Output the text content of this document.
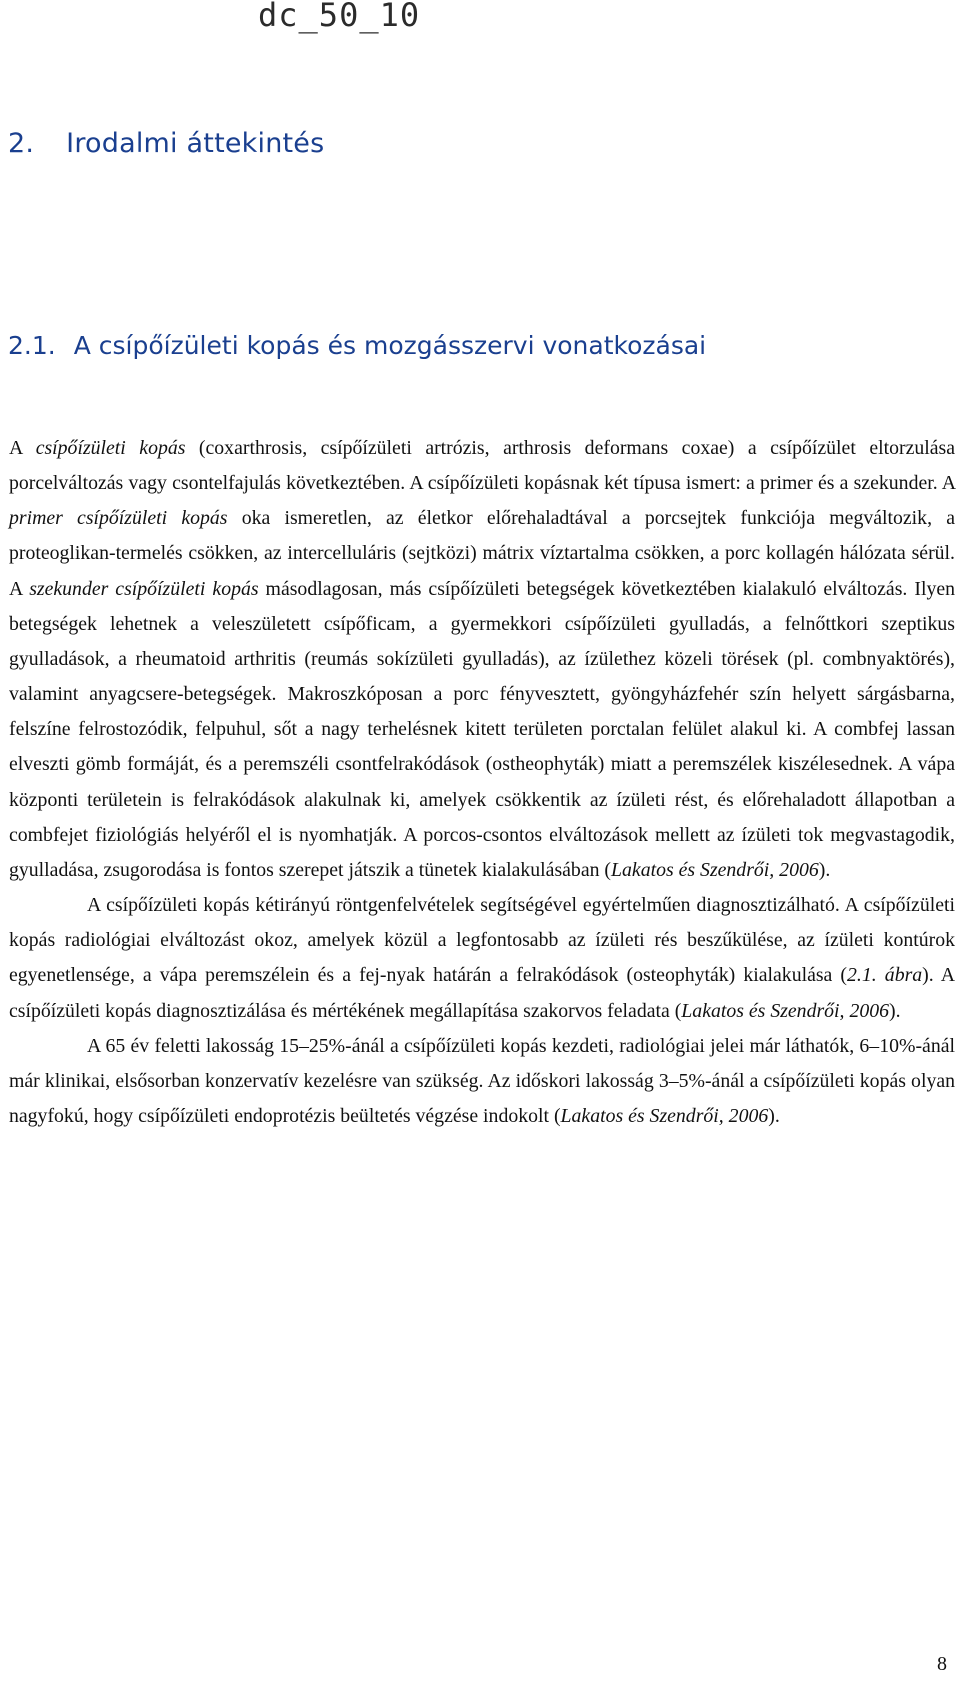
dc_50_10
2. Irodalmi áttekintés
2.1. A csípőízületi kopás és mozgásszervi vonatkozásai

A csípőízületi kopás (coxarthrosis, csípőízületi artrózis, arthrosis deformans coxae) a csípőízület eltorzulása porcelváltozás vagy csontelfajulás következtében. A csípőízületi kopásnak két típusa ismert: a primer és a szekunder. A primer csípőízületi kopás oka ismeretlen, az életkor előrehaladtával a porcsejtek funkciója megváltozik, a proteoglikan-termelés csökken, az intercelluláris (sejtközi) mátrix víztartalma csökken, a porc kollagén hálózata sérül. A szekunder csípőízületi kopás másodlagosan, más csípőízületi betegségek következtében kialakuló elváltozás. Ilyen betegségek lehetnek a veleszületett csípőficam, a gyermekkori csípőízületi gyulladás, a felnőttkori szeptikus gyulladások, a rheumatoid arthritis (reumás sokízületi gyulladás), az ízülethez közeli törések (pl. combnyaktörés), valamint anyagcsere-betegségek. Makroszkóposan a porc fényvesztett, gyöngyházfehér szín helyett sárgásbarna, felszíne felrostozódik, felpuhul, sőt a nagy terhelésnek kitett területen porctalan felület alakul ki. A combfej lassan elveszti gömb formáját, és a peremszéli csontfelrakódások (ostheophyták) miatt a peremszélek kiszélesednek. A vápa központi területein is felrakódások alakulnak ki, amelyek csökkentik az ízületi rést, és előrehaladott állapotban a combfejet fiziológiás helyéről el is nyomhatják. A porcos-csontos elváltozások mellett az ízületi tok megvastagodik, gyulladása, zsugorodása is fontos szerepet játszik a tünetek kialakulásában (Lakatos és Szendrői, 2006).

A csípőízületi kopás kétirányú röntgenfelvételek segítségével egyértelműen diagnosztizálható. A csípőízületi kopás radiológiai elváltozást okoz, amelyek közül a legfontosabb az ízületi rés beszűkülése, az ízületi kontúrok egyenetlensége, a vápa peremszélein és a fej-nyak határán a felrakódások (osteophyták) kialakulása (2.1. ábra). A csípőízületi kopás diagnosztizálása és mértékének megállapítása szakorvos feladata (Lakatos és Szendrői, 2006).

A 65 év feletti lakosság 15–25%-ánál a csípőízületi kopás kezdeti, radiológiai jelei már láthatók, 6–10%-ánál már klinikai, elsősorban konzervatív kezelésre van szükség. Az időskori lakosság 3–5%-ánál a csípőízületi kopás olyan nagyfokú, hogy csípőízületi endoprotézis beültetés végzése indokolt (Lakatos és Szendrői, 2006).

8
